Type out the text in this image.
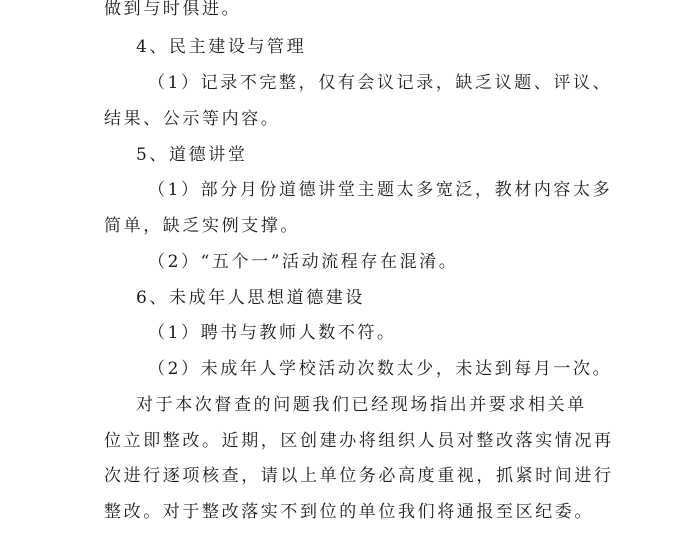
做到与时俱进。
4、民主建设与管理
（1）记录不完整，仅有会议记录，缺乏议题、评议、
结果、公示等内容。
5、道德讲堂
（1）部分月份道德讲堂主题太多宽泛，教材内容太多
简单，缺乏实例支撑。
（2）“五个一”活动流程存在混淆。
6、未成年人思想道德建设
（1）聘书与教师人数不符。
（2）未成年人学校活动次数太少，未达到每月一次。
对于本次督查的问题我们已经现场指出并要求相关单
位立即整改。近期，区创建办将组织人员对整改落实情况再
次进行逐项核查，请以上单位务必高度重视，抓紧时间进行
整改。对于整改落实不到位的单位我们将通报至区纪委。
